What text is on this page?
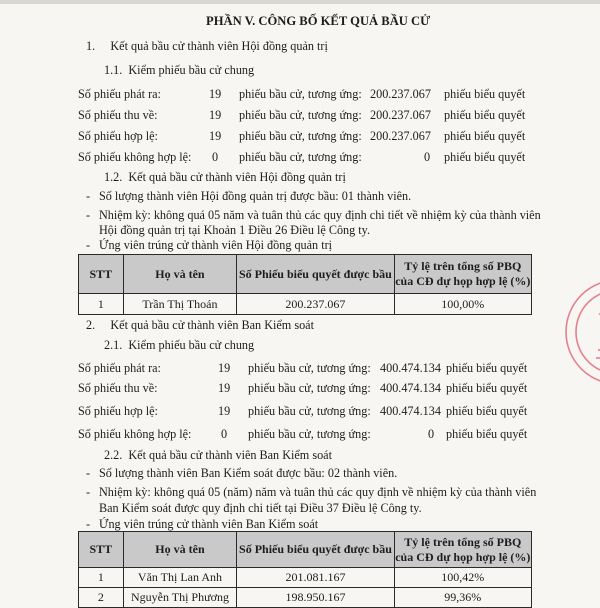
PHẦN V. CÔNG BỐ KẾT QUẢ BẦU CỬ
1.     Kết quả bầu cử thành viên Hội đồng quản trị
1.1.  Kiểm phiếu bầu cử chung
Số phiếu phát ra:	19 phiếu bầu cử, tương ứng: 200.237.067 phiếu biểu quyết
Số phiếu thu về:	19 phiếu bầu cử, tương ứng: 200.237.067 phiếu biểu quyết
Số phiếu hợp lệ:	19 phiếu bầu cử, tương ứng: 200.237.067 phiếu biểu quyết
Số phiếu không hợp lệ: 0 phiếu bầu cử, tương ứng:	0 phiếu biểu quyết
1.2.  Kết quả bầu cử thành viên Hội đồng quản trị
- Số lượng thành viên Hội đồng quản trị được bầu: 01 thành viên.
- Nhiệm kỳ: không quá 05 năm và tuân thủ các quy định chi tiết về nhiệm kỳ của thành viên
Hội đồng quản trị tại Khoản 1 Điều 26 Điều lệ Công ty.
- Ứng viên trúng cử thành viên Hội đồng quản trị
STT	Họ và tên	Số Phiếu biểu quyết được bầu	Tỷ lệ trên tổng số PBQ
của CĐ dự họp hợp lệ (%)

1	Trần Thị Thoán	200.237.067	100,00%
2.     Kết quả bầu cử thành viên Ban Kiểm soát
2.1.  Kiểm phiếu bầu cử chung
Số phiếu phát ra:	19 phiếu bầu cử, tương ứng: 400.474.134 phiếu biểu quyết
Số phiếu thu về:	19 phiếu bầu cử, tương ứng: 400.474.134 phiếu biểu quyết
Số phiếu hợp lệ:	19 phiếu bầu cử, tương ứng: 400.474.134 phiếu biểu quyết
Số phiếu không hợp lệ: 0 phiếu bầu cử, tương ứng:	0 phiếu biểu quyết
2.2.  Kết quả bầu cử thành viên Ban Kiểm soát
- Số lượng thành viên Ban Kiểm soát được bầu: 02 thành viên.
- Nhiệm kỳ: không quá 05 (năm) năm và tuân thủ các quy định về nhiệm kỳ của thành viên
Ban Kiểm soát được quy định chi tiết tại Điều 37 Điều lệ Công ty.
- Ứng viên trúng cử thành viên Ban Kiểm soát
STT	Họ và tên	Số Phiếu biểu quyết được bầu	Tỷ lệ trên tổng số PBQ
của CĐ dự họp hợp lệ (%)

1	Văn Thị Lan Anh	201.081.167	100,42%
2	Nguyễn Thị Phương	198.950.167	99,36%
